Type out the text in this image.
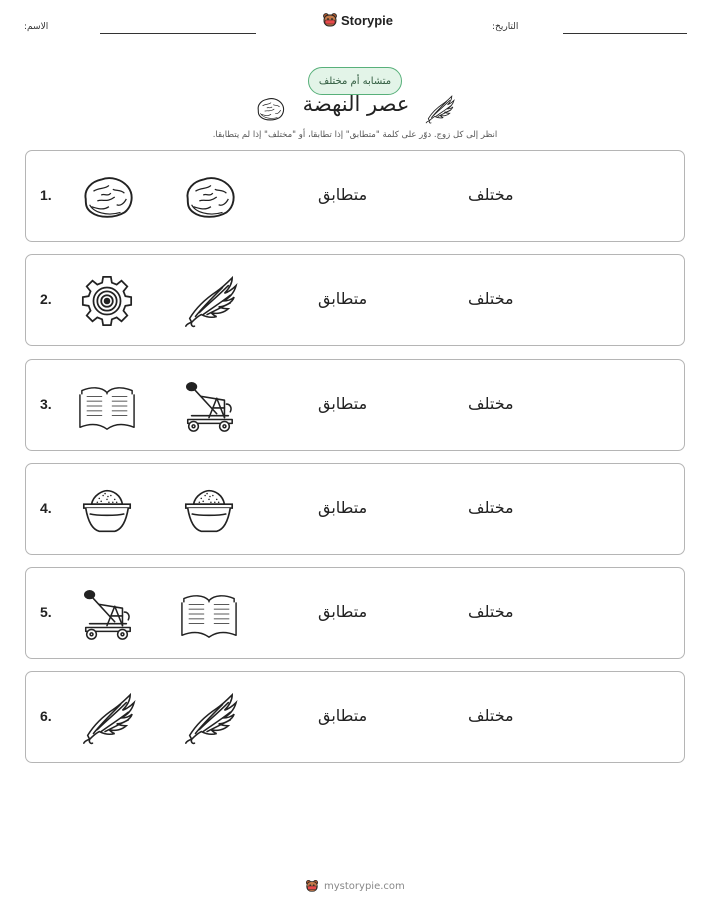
الاسم:	Storypie	التاريخ:
متشابه أم مختلف
عصر النهضة
انظر إلى كل زوج. دوّر على كلمة "متطابق" إذا تطابقا، أو "مختلف" إذا لم يتطابقا.
1.	متطابق	مختلف
2.	متطابق	مختلف
3.	متطابق	مختلف
4.	متطابق	مختلف
5.	متطابق	مختلف
6.	متطابق	مختلف
mystorypie.com
